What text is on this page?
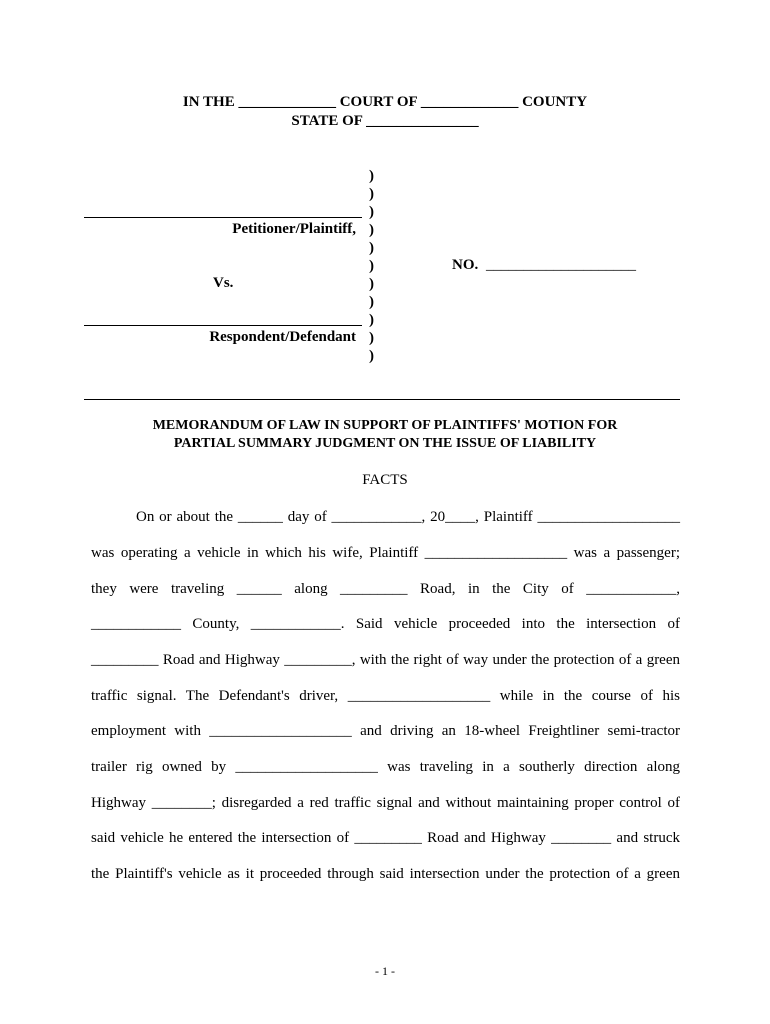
IN THE _____________ COURT OF _____________ COUNTY
STATE OF _______________
Petitioner/Plaintiff,
Vs.
Respondent/Defendant
)
)
)
)
)
)
)
)
)
)
)
NO. ____________________
MEMORANDUM OF LAW IN SUPPORT OF PLAINTIFFS' MOTION FOR
PARTIAL SUMMARY JUDGMENT ON THE ISSUE OF LIABILITY
FACTS
On or about the ______ day of ____________, 20____, Plaintiff ___________________
was operating a vehicle in which his wife, Plaintiff ___________________ was a passenger;
they were traveling ______ along _________ Road, in the City of ____________,
____________ County, ____________. Said vehicle proceeded into the intersection of
_________ Road and Highway _________, with the right of way under the protection of a green
traffic signal. The Defendant's driver, ___________________ while in the course of his
employment with ___________________ and driving an 18-wheel Freightliner semi-tractor
trailer rig owned by ___________________ was traveling in a southerly direction along
Highway ________; disregarded a red traffic signal and without maintaining proper control of
said vehicle he entered the intersection of _________ Road and Highway ________ and struck
the Plaintiff's vehicle as it proceeded through said intersection under the protection of a green
- 1 -
